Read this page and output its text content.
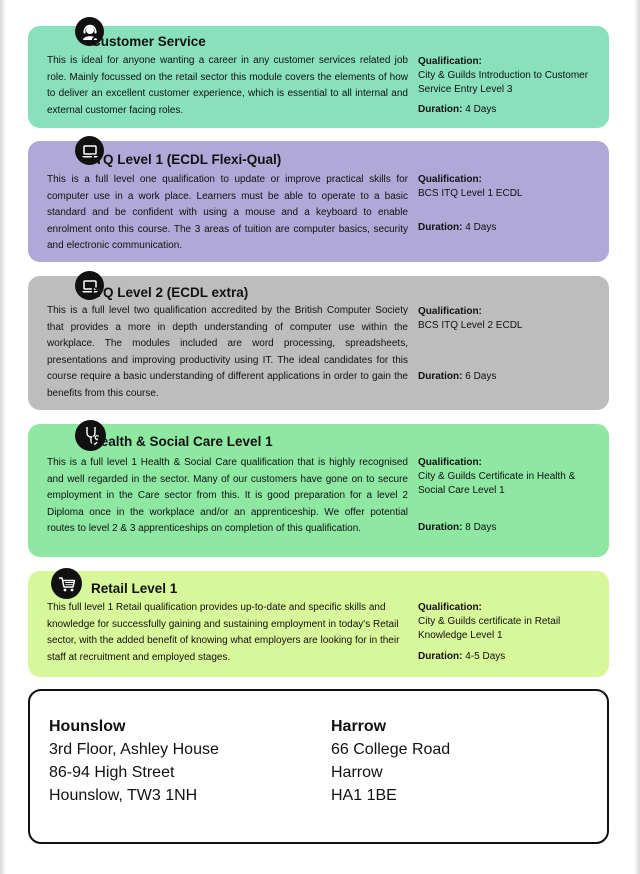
Customer Service
This is ideal for anyone wanting a career in any customer services related job role. Mainly focussed on the retail sector this module covers the elements of how to deliver an excellent customer experience, which is essential to all internal and external customer facing roles.
Qualification:
City & Guilds Introduction to Customer Service Entry Level 3
Duration: 4 Days
ITQ Level 1 (ECDL Flexi-Qual)
This is a full level one qualification to update or improve practical skills for computer use in a work place. Learners must be able to operate to a basic standard and be confident with using a mouse and a keyboard to enable enrolment onto this course. The 3 areas of tuition are computer basics, security and electronic communication.
Qualification:
BCS ITQ Level 1 ECDL
Duration: 4 Days
ITQ Level 2 (ECDL extra)
This is a full level two qualification accredited by the British Computer Society that provides a more in depth understanding of computer use within the workplace. The modules included are word processing, spreadsheets, presentations and improving productivity using IT. The ideal candidates for this course require a basic understanding of different applications in order to gain the benefits from this course.
Qualification:
BCS ITQ Level 2 ECDL
Duration: 6 Days
Health & Social Care Level 1
This is a full level 1 Health & Social Care qualification that is highly recognised and well regarded in the sector. Many of our customers have gone on to secure employment in the Care sector from this. It is good preparation for a level 2 Diploma once in the workplace and/or an apprenticeship. We offer potential routes to level 2 & 3 apprenticeships on completion of this qualification.
Qualification:
City & Guilds Certificate in Health & Social Care Level 1
Duration: 8 Days
Retail Level 1
This full level 1 Retail qualification provides up-to-date and specific skills and knowledge for successfully gaining and sustaining employment in today's Retail sector, with the added benefit of knowing what employers are looking for in their staff at recruitment and employed stages.
Qualification:
City & Guilds certificate in Retail Knowledge Level 1
Duration: 4-5 Days
Hounslow
3rd Floor, Ashley House
86-94 High Street
Hounslow, TW3 1NH
Harrow
66 College Road
Harrow
HA1 1BE
